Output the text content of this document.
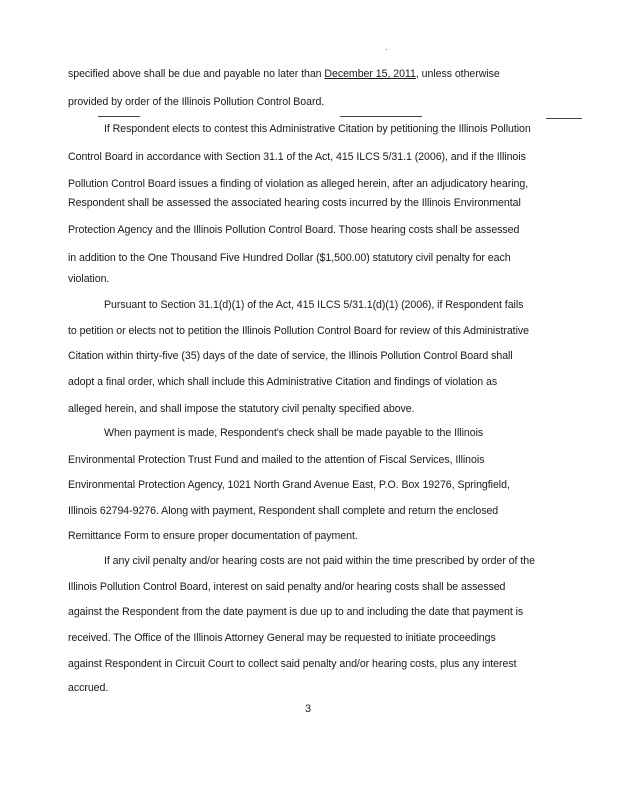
·
specified above shall be due and payable no later than December 15, 2011, unless otherwise
provided by order of the Illinois Pollution Control Board.
If Respondent elects to contest this Administrative Citation by petitioning the Illinois Pollution
Control Board in accordance with Section 31.1 of the Act, 415 ILCS 5/31.1 (2006), and if the Illinois
Pollution Control Board issues a finding of violation as alleged herein, after an adjudicatory hearing,
Respondent shall be assessed the associated hearing costs incurred by the Illinois Environmental
Protection Agency and the Illinois Pollution Control Board. Those hearing costs shall be assessed
in addition to the One Thousand Five Hundred Dollar ($1,500.00) statutory civil penalty for each
violation.
Pursuant to Section 31.1(d)(1) of the Act, 415 ILCS 5/31.1(d)(1) (2006), if Respondent fails
to petition or elects not to petition the Illinois Pollution Control Board for review of this Administrative
Citation within thirty-five (35) days of the date of service, the Illinois Pollution Control Board shall
adopt a final order, which shall include this Administrative Citation and findings of violation as
alleged herein, and shall impose the statutory civil penalty specified above.
When payment is made, Respondent's check shall be made payable to the Illinois
Environmental Protection Trust Fund and mailed to the attention of Fiscal Services, Illinois
Environmental Protection Agency, 1021 North Grand Avenue East, P.O. Box 19276, Springfield,
Illinois 62794-9276. Along with payment, Respondent shall complete and return the enclosed
Remittance Form to ensure proper documentation of payment.
If any civil penalty and/or hearing costs are not paid within the time prescribed by order of the
Illinois Pollution Control Board, interest on said penalty and/or hearing costs shall be assessed
against the Respondent from the date payment is due up to and including the date that payment is
received. The Office of the Illinois Attorney General may be requested to initiate proceedings
against Respondent in Circuit Court to collect said penalty and/or hearing costs, plus any interest
accrued.
3
